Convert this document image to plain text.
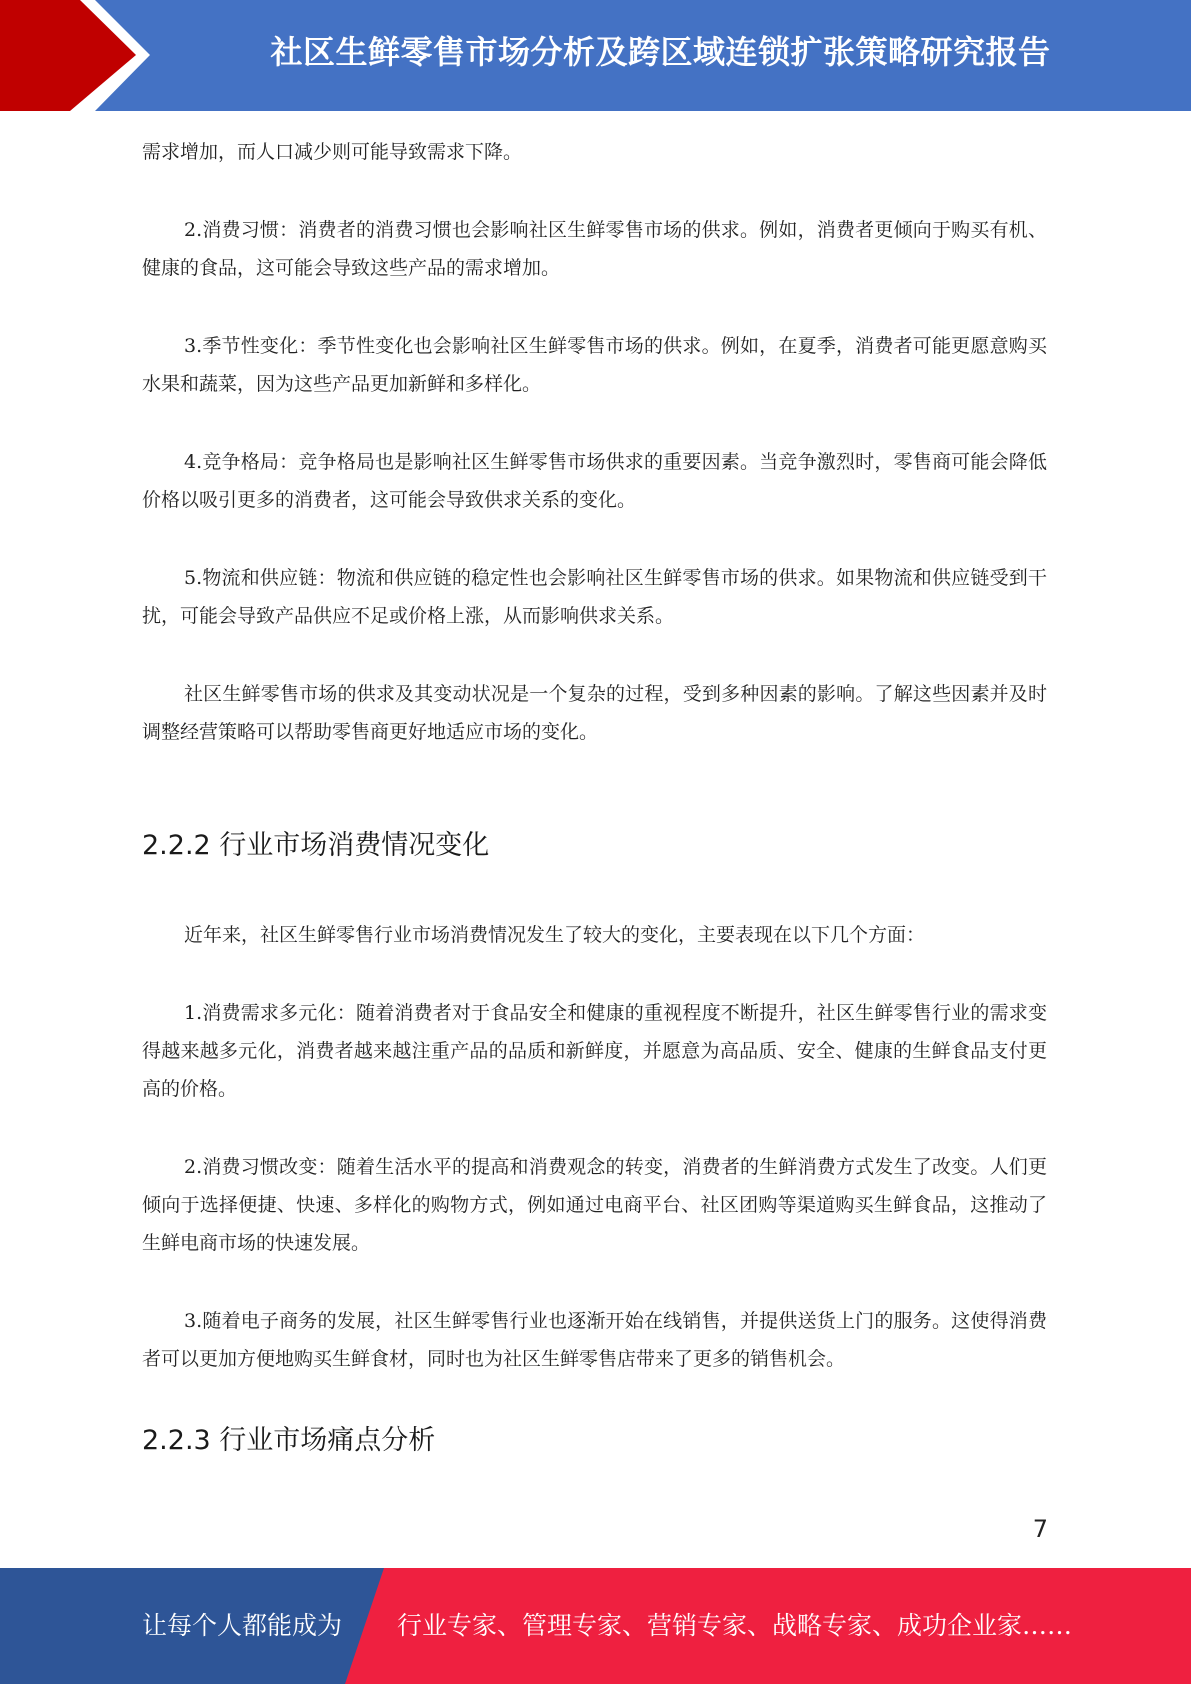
社区生鲜零售市场分析及跨区域连锁扩张策略研究报告

需求增加，而人口减少则可能导致需求下降。

2.消费习惯：消费者的消费习惯也会影响社区生鲜零售市场的供求。例如，消费者更倾向于购买有机、健康的食品，这可能会导致这些产品的需求增加。

3.季节性变化：季节性变化也会影响社区生鲜零售市场的供求。例如，在夏季，消费者可能更愿意购买水果和蔬菜，因为这些产品更加新鲜和多样化。

4.竞争格局：竞争格局也是影响社区生鲜零售市场供求的重要因素。当竞争激烈时，零售商可能会降低价格以吸引更多的消费者，这可能会导致供求关系的变化。

5.物流和供应链：物流和供应链的稳定性也会影响社区生鲜零售市场的供求。如果物流和供应链受到干扰，可能会导致产品供应不足或价格上涨，从而影响供求关系。

社区生鲜零售市场的供求及其变动状况是一个复杂的过程，受到多种因素的影响。了解这些因素并及时调整经营策略可以帮助零售商更好地适应市场的变化。

2.2.2 行业市场消费情况变化

近年来，社区生鲜零售行业市场消费情况发生了较大的变化，主要表现在以下几个方面：

1.消费需求多元化：随着消费者对于食品安全和健康的重视程度不断提升，社区生鲜零售行业的需求变得越来越多元化，消费者越来越注重产品的品质和新鲜度，并愿意为高品质、安全、健康的生鲜食品支付更高的价格。

2.消费习惯改变：随着生活水平的提高和消费观念的转变，消费者的生鲜消费方式发生了改变。人们更倾向于选择便捷、快速、多样化的购物方式，例如通过电商平台、社区团购等渠道购买生鲜食品，这推动了生鲜电商市场的快速发展。

3.随着电子商务的发展，社区生鲜零售行业也逐渐开始在线销售，并提供送货上门的服务。这使得消费者可以更加方便地购买生鲜食材，同时也为社区生鲜零售店带来了更多的销售机会。

2.2.3 行业市场痛点分析
7
让每个人都能成为 行业专家、管理专家、营销专家、战略专家、成功企业家……
